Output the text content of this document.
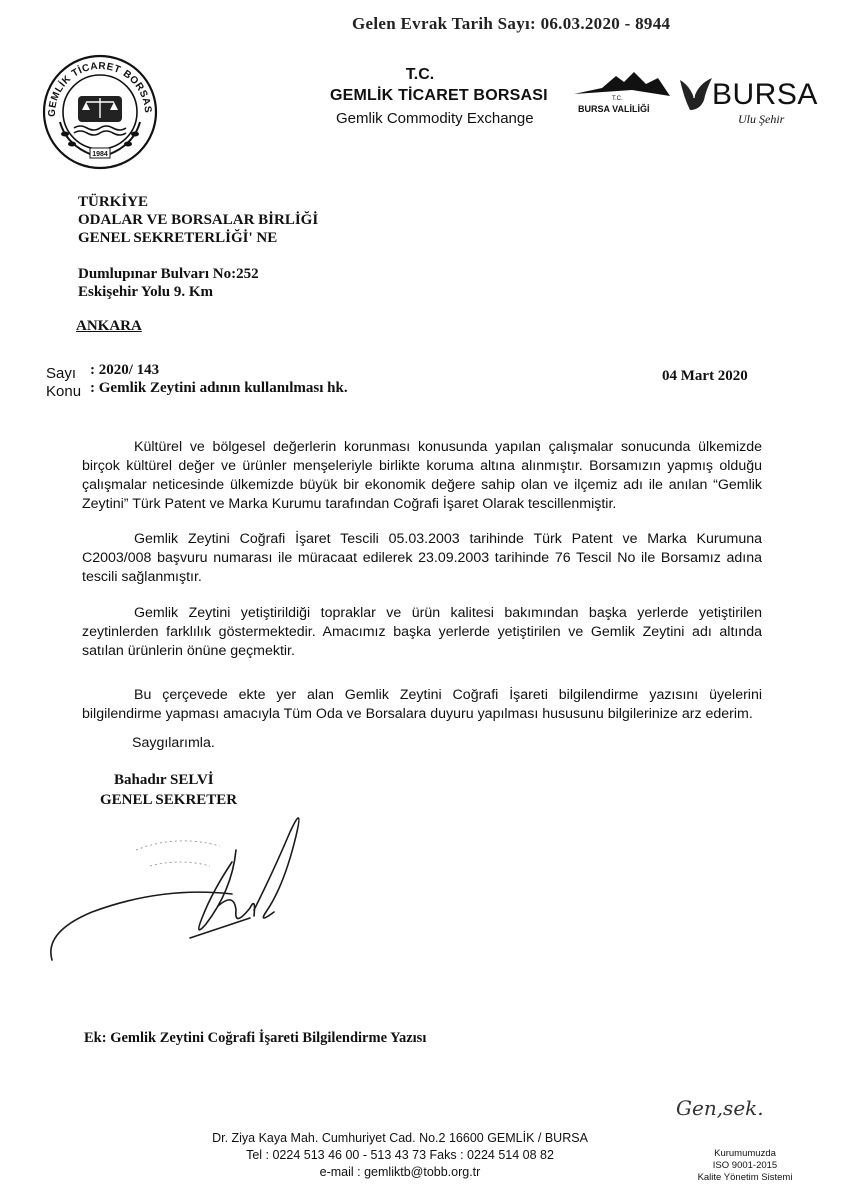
Gelen Evrak Tarih Sayı: 06.03.2020 - 8944
GEMLİK TİCARET BORSAS
1984
T.C.
GEMLİK TİCARET BORSASI
Gemlik Commodity Exchange
T.C.
BURSA VALİLİĞİ BURSA
Ulu Şehir
TÜRKİYE
ODALAR VE BORSALAR BİRLİĞİ
GENEL SEKRETERLİĞİ' NE
Dumlupınar Bulvarı No:252
Eskişehir Yolu 9. Km
ANKARA
Sayı : 2020/ 143
Konu : Gemlik Zeytini adının kullanılması hk.
04 Mart 2020
Kültürel ve bölgesel değerlerin korunması konusunda yapılan çalışmalar sonucunda ülkemizde birçok kültürel değer ve ürünler menşeleriyle birlikte koruma altına alınmıştır. Borsamızın yapmış olduğu çalışmalar neticesinde ülkemizde büyük bir ekonomik değere sahip olan ve ilçemiz adı ile anılan “Gemlik Zeytini” Türk Patent ve Marka Kurumu tarafından Coğrafi İşaret Olarak tescillenmiştir.
Gemlik Zeytini Coğrafi İşaret Tescili 05.03.2003 tarihinde Türk Patent ve Marka Kurumuna C2003/008 başvuru numarası ile müracaat edilerek 23.09.2003 tarihinde 76 Tescil No ile Borsamız adına tescili sağlanmıştır.
Gemlik Zeytini yetiştirildiği topraklar ve ürün kalitesi bakımından başka yerlerde yetiştirilen zeytinlerden farklılık göstermektedir. Amacımız başka yerlerde yetiştirilen ve Gemlik Zeytini adı altında satılan ürünlerin önüne geçmektir.
Bu çerçevede ekte yer alan Gemlik Zeytini Coğrafi İşareti bilgilendirme yazısını üyelerini bilgilendirme yapması amacıyla Tüm Oda ve Borsalara duyuru yapılması hususunu bilgilerinize arz ederim.
Saygılarımla.
Bahadır SELVİ
GENEL SEKRETER
Ek: Gemlik Zeytini Coğrafi İşareti Bilgilendirme Yazısı
Gen,sek.
Dr. Ziya Kaya Mah. Cumhuriyet Cad. No.2 16600 GEMLİK / BURSA
Tel : 0224 513 46 00 - 513 43 73 Faks : 0224 514 08 82
e-mail : gemliktb@tobb.org.tr
Kurumumuzda
ISO 9001-2015
Kalite Yönetim Sistemi
